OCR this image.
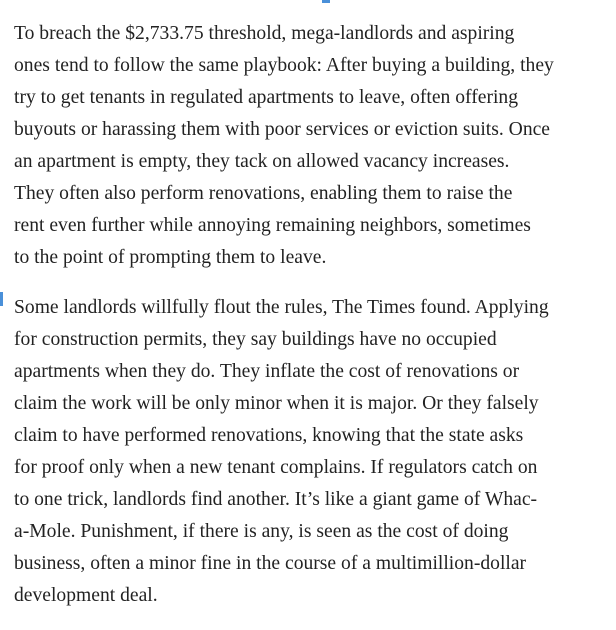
To breach the $2,733.75 threshold, mega-landlords and aspiring
ones tend to follow the same playbook: After buying a building, they
try to get tenants in regulated apartments to leave, often offering
buyouts or harassing them with poor services or eviction suits. Once
an apartment is empty, they tack on allowed vacancy increases.
They often also perform renovations, enabling them to raise the
rent even further while annoying remaining neighbors, sometimes
to the point of prompting them to leave.

Some landlords willfully flout the rules, The Times found. Applying
for construction permits, they say buildings have no occupied
apartments when they do. They inflate the cost of renovations or
claim the work will be only minor when it is major. Or they falsely
claim to have performed renovations, knowing that the state asks
for proof only when a new tenant complains. If regulators catch on
to one trick, landlords find another. It’s like a giant game of Whac-
a-Mole. Punishment, if there is any, is seen as the cost of doing
business, often a minor fine in the course of a multimillion-dollar
development deal.
